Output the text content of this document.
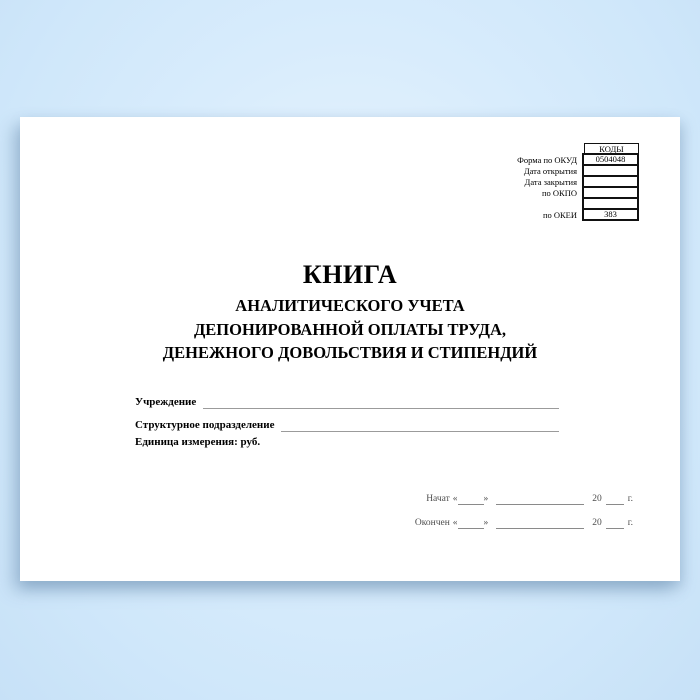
КОДЫ
Форма по ОКУД	0504048
Дата открытия
Дата закрытия
по ОКПО
по ОКЕИ	383
КНИГА
АНАЛИТИЧЕСКОГО УЧЕТА
ДЕПОНИРОВАННОЙ ОПЛАТЫ ТРУДА,
ДЕНЕЖНОГО ДОВОЛЬСТВИЯ И СТИПЕНДИЙ
Учреждение
Структурное подразделение
Единица измерения: руб.
Начат «	»	20	г.
Окончен «	»	20	г.
